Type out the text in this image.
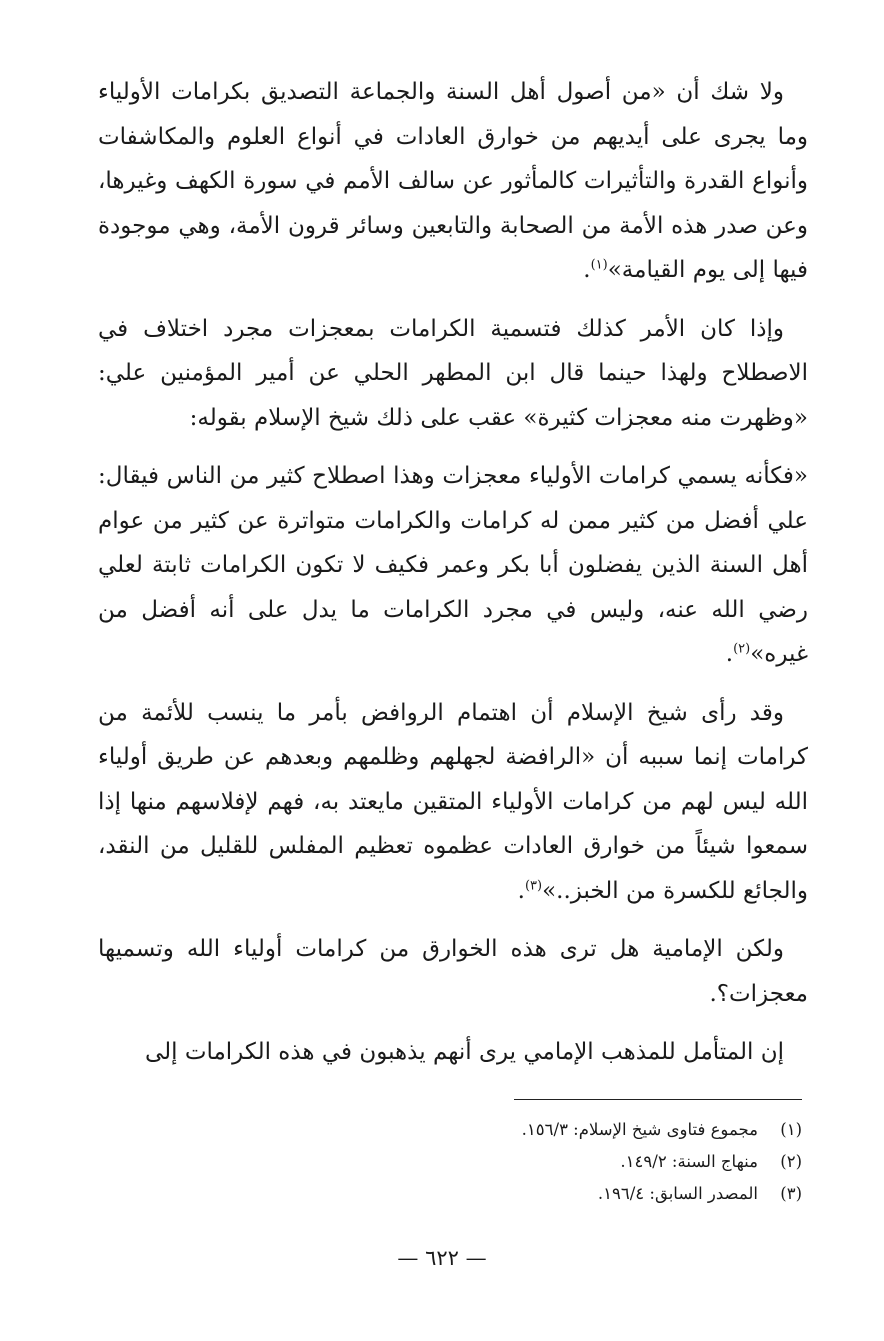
ولا شك أن «من أصول أهل السنة والجماعة التصديق بكرامات الأولياء وما يجرى على أيديهم من خوارق العادات في أنواع العلوم والمكاشفات وأنواع القدرة والتأثيرات كالمأثور عن سالف الأمم في سورة الكهف وغيرها، وعن صدر هذه الأمة من الصحابة والتابعين وسائر قرون الأمة، وهي موجودة فيها إلى يوم القيامة»$^{(١)}$.

وإذا كان الأمر كذلك فتسمية الكرامات بمعجزات مجرد اختلاف في الاصطلاح ولهذا حينما قال ابن المطهر الحلي عن أمير المؤمنين علي: «وظهرت منه معجزات كثيرة» عقب على ذلك شيخ الإسلام بقوله:

«فكأنه يسمي كرامات الأولياء معجزات وهذا اصطلاح كثير من الناس فيقال: علي أفضل من كثير ممن له كرامات والكرامات متواترة عن كثير من عوام أهل السنة الذين يفضلون أبا بكر وعمر فكيف لا تكون الكرامات ثابتة لعلي رضي الله عنه، وليس في مجرد الكرامات ما يدل على أنه أفضل من غيره»$^{(٢)}$.

وقد رأى شيخ الإسلام أن اهتمام الروافض بأمر ما ينسب للأئمة من كرامات إنما سببه أن «الرافضة لجهلهم وظلمهم وبعدهم عن طريق أولياء الله ليس لهم من كرامات الأولياء المتقين مايعتد به، فهم لإفلاسهم منها إذا سمعوا شيئاً من خوارق العادات عظموه تعظيم المفلس للقليل من النقد، والجائع للكسرة من الخبز..»$^{(٣)}$.

ولكن الإمامية هل ترى هذه الخوارق من كرامات أولياء الله وتسميها معجزات؟.

إن المتأمل للمذهب الإمامي يرى أنهم يذهبون في هذه الكرامات إلى

(١)
مجموع فتاوى شيخ الإسلام: ١٥٦/٣.
(٢)
منهاج السنة: ١٤٩/٢.
(٣)
المصدر السابق: ١٩٦/٤.
— ٦٢٢ —
